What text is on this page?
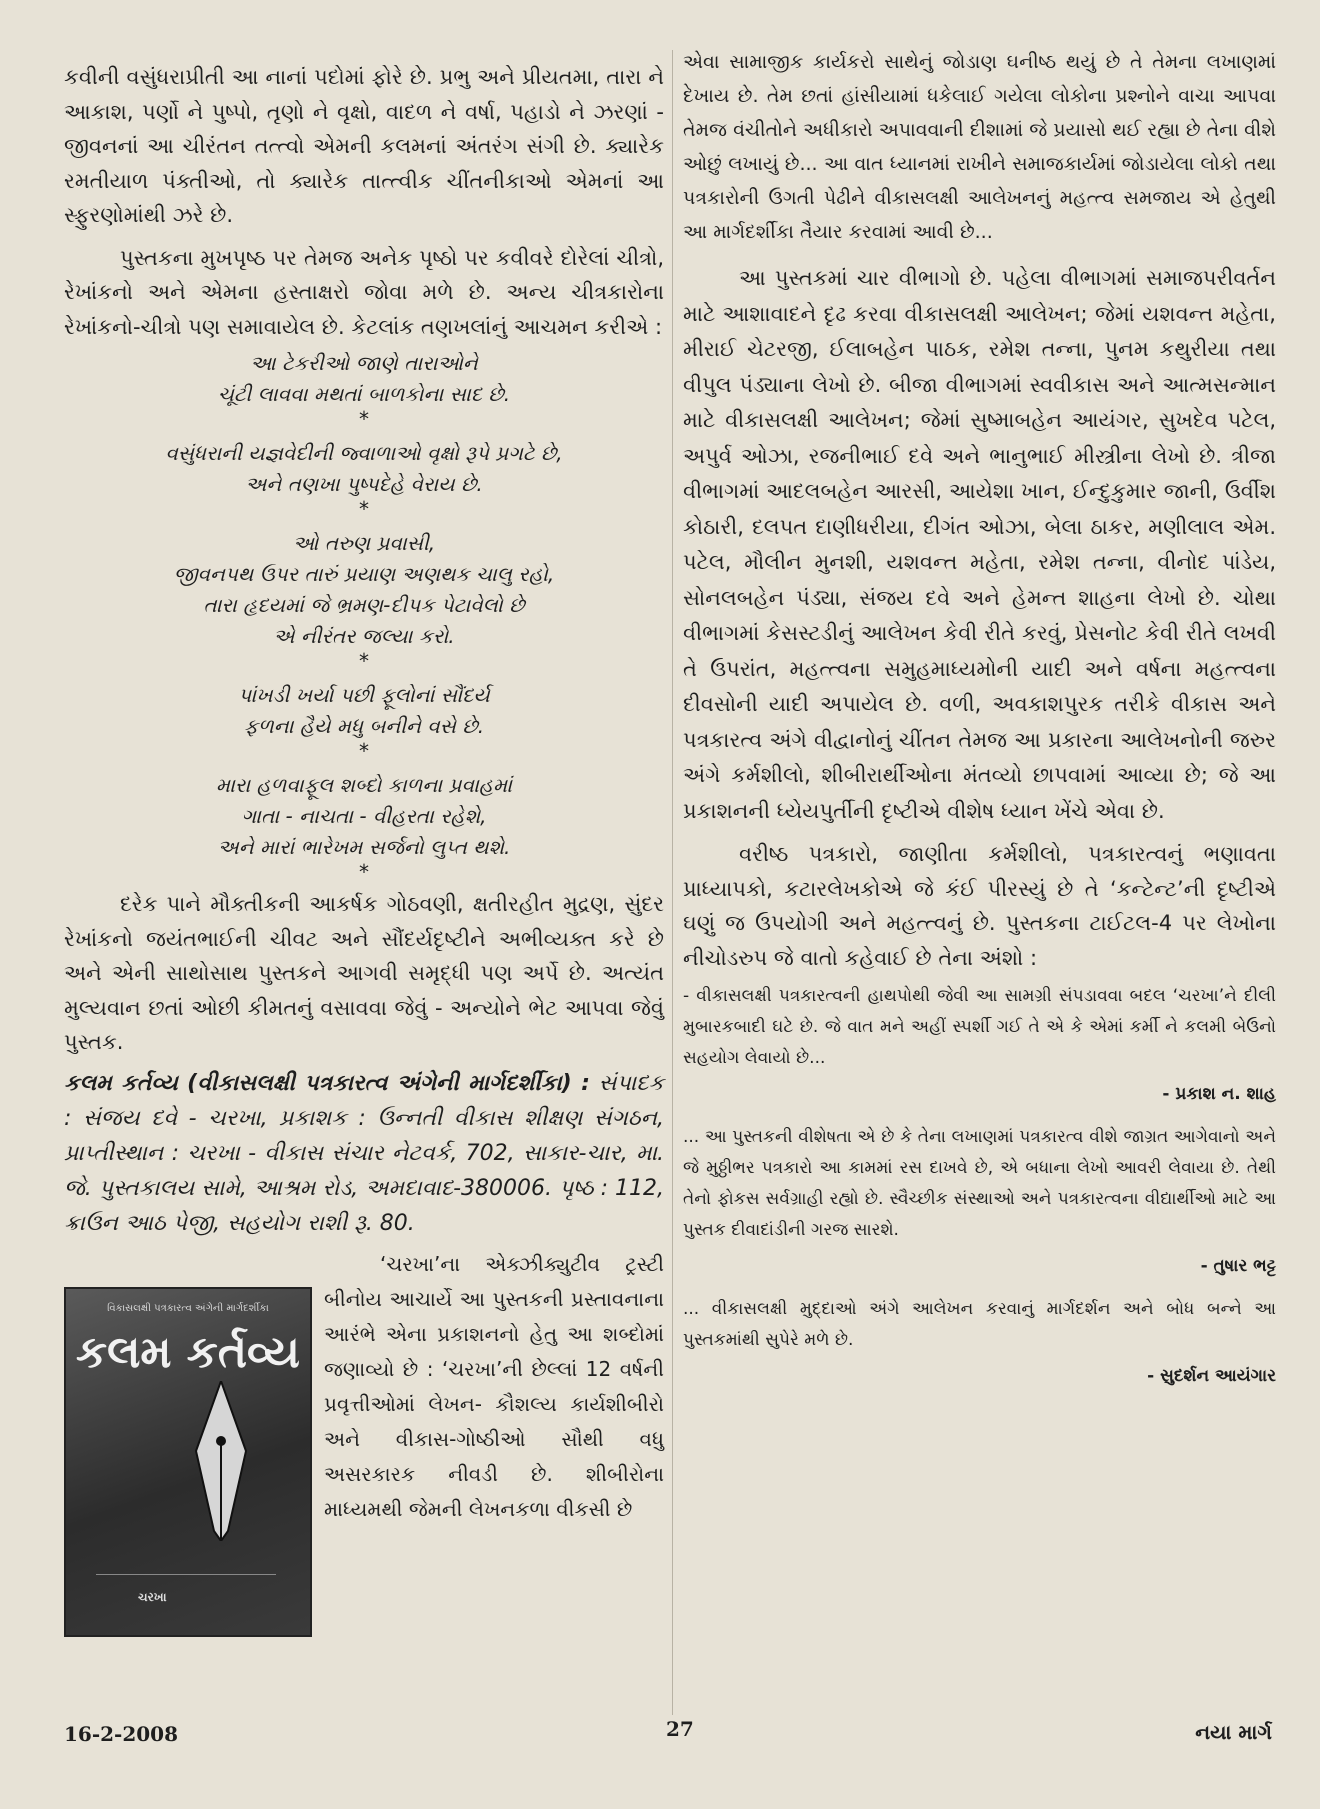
કવીની વસુંધરાપ્રીતી આ નાનાં પદોમાં ફોરે છે. પ્રભુ અને પ્રીયતમા, તારા ને આકાશ, પર્ણો ને પુષ્પો, તૃણો ને વૃક્ષો, વાદળ ને વર્ષા, પહાડો ને ઝરણાં - જીવનનાં આ ચીરંતન તત્ત્વો એમની કલમનાં અંતરંગ સંગી છે. ક્યારેક રમતીયાળ પંક્તીઓ, તો ક્યારેક તાત્ત્વીક ચીંતનીકાઓ એમનાં આ સ્ફુરણોમાંથી ઝરે છે.

પુસ્તકના મુખપૃષ્ઠ પર તેમજ અનેક પૃષ્ઠો પર કવીવરે દોરેલાં ચીત્રો, રેખાંકનો અને એમના હસ્તાક્ષરો જોવા મળે છે. અન્ય ચીત્રકારોના રેખાંકનો-ચીત્રો પણ સમાવાયેલ છે. કેટલાંક તણખલાંનું આચમન કરીએ :

આ ટેકરીઓ જાણે તારાઓને

ચૂંટી લાવવા મથતાં બાળકોના સાદ છે.

*

વસુંધરાની યજ્ઞવેદીની જ્વાળાઓ વૃક્ષો રૂપે પ્રગટે છે,

અને તણખા પુષ્પદેહે વેરાય છે.

*

ઓ તરુણ પ્રવાસી,

જીવનપથ ઉપર તારું પ્રયાણ અણથક ચાલુ રહો,

તારા હૃદયમાં જે ભ્રમણ-દીપક પેટાવેલો છે

એ નીરંતર જલ્યા કરો.

*

પાંખડી ખર્યા પછી ફૂલોનાં સૌંદર્ય

ફળના હૈયે મધુ બનીને વસે છે.

*

મારા હળવાફૂલ શબ્દો કાળના પ્રવાહમાં

ગાતા - નાચતા - વીહરતા રહેશે,

અને મારાં ભારેખમ સર્જનો લુપ્ત થશે.

*

દરેક પાને મૌક્તીકની આકર્ષક ગોઠવણી, ક્ષતીરહીત મુદ્રણ, સુંદર રેખાંકનો જયંતભાઈની ચીવટ અને સૌંદર્યદૃષ્ટીને અભીવ્યક્ત કરે છે અને એની સાથોસાથ પુસ્તકને આગવી સમૃદ્ધી પણ અર્પે છે. અત્યંત મુલ્યવાન છતાં ઓછી કીમતનું વસાવવા જેવું - અન્યોને ભેટ આપવા જેવું પુસ્તક.

કલમ કર્તવ્ય (વીકાસલક્ષી પત્રકારત્વ અંગેની માર્ગદર્શીકા) : સંપાદક : સંજય દવે - ચરખા, પ્રકાશક : ઉન્નતી વીકાસ શીક્ષણ સંગઠન, પ્રાપ્તીસ્થાન : ચરખા - વીકાસ સંચાર નેટવર્ક, 702, સાકાર-ચાર, મા. જે. પુસ્તકાલય સામે, આશ્રમ રોડ, અમદાવાદ-380006. પૃષ્ઠ : 112, ક્રાઉન આઠ પેજી, સહયોગ રાશી રૂ. 80.
વિકાસલક્ષી પત્રકારત્વ અંગેની માર્ગદર્શીકા
કલમ કર્તવ્ય
ચરખા

‘ચરખા’ના એક્ઝીક્યુટીવ ટ્રસ્ટી બીનોય આચાર્યે આ પુસ્તકની પ્રસ્તાવનાના આરંભે એના પ્રકાશનનો હેતુ આ શબ્દોમાં જણાવ્યો છે : ‘ચરખા’ની છેલ્લાં 12 વર્ષની પ્રવૃત્તીઓમાં લેખન- કૌશલ્ય કાર્યશીબીરો અને વીકાસ-ગોષ્ઠીઓ સૌથી વધુ અસરકારક નીવડી છે. શીબીરોના માધ્યમથી જેમની લેખનકળા વીકસી છે

એવા સામાજીક કાર્યકરો સાથેનું જોડાણ ઘનીષ્ઠ થયું છે તે તેમના લખાણમાં દેખાય છે. તેમ છતાં હાંસીયામાં ધકેલાઈ ગયેલા લોકોના પ્રશ્નોને વાચા આપવા તેમજ વંચીતોને અધીકારો અપાવવાની દીશામાં જે પ્રયાસો થઈ રહ્યા છે તેના વીશે ઓછું લખાયું છે... આ વાત ધ્યાનમાં રાખીને સમાજકાર્યમાં જોડાયેલા લોકો તથા પત્રકારોની ઉગતી પેઢીને વીકાસલક્ષી આલેખનનું મહત્ત્વ સમજાય એ હેતુથી આ માર્ગદર્શીકા તૈયાર કરવામાં આવી છે...

આ પુસ્તકમાં ચાર વીભાગો છે. પહેલા વીભાગમાં સમાજપરીવર્તન માટે આશાવાદને દૃઢ કરવા વીકાસલક્ષી આલેખન; જેમાં યશવન્ત મહેતા, મીરાઈ ચેટરજી, ઈલાબહેન પાઠક, રમેશ તન્ના, પુનમ કથુરીયા તથા વીપુલ પંડ્યાના લેખો છે. બીજા વીભાગમાં સ્વવીકાસ અને આત્મસન્માન માટે વીકાસલક્ષી આલેખન; જેમાં સુષ્માબહેન આયંગર, સુખદેવ પટેલ, અપુર્વ ઓઝા, રજનીભાઈ દવે અને ભાનુભાઈ મીસ્ત્રીના લેખો છે. ત્રીજા વીભાગમાં આદલબહેન આરસી, આયેશા ખાન, ઈન્દુકુમાર જાની, ઉર્વીશ કોઠારી, દલપત દાણીધરીયા, દીગંત ઓઝા, બેલા ઠાકર, મણીલાલ એમ. પટેલ, મૌલીન મુનશી, યશવન્ત મહેતા, રમેશ તન્ના, વીનોદ પાંડેય, સોનલબહેન પંડ્યા, સંજય દવે અને હેમન્ત શાહના લેખો છે. ચોથા વીભાગમાં કેસસ્ટડીનું આલેખન કેવી રીતે કરવું, પ્રેસનોટ કેવી રીતે લખવી તે ઉપરાંત, મહત્ત્વના સમુહમાધ્યમોની યાદી અને વર્ષના મહત્ત્વના દીવસોની યાદી અપાયેલ છે. વળી, અવકાશપુરક તરીકે વીકાસ અને પત્રકારત્વ અંગે વીદ્વાનોનું ચીંતન તેમજ આ પ્રકારના આલેખનોની જરુર અંગે કર્મશીલો, શીબીરાર્થીઓના મંતવ્યો છાપવામાં આવ્યા છે; જે આ પ્રકાશનની ધ્યેયપુર્તીની દૃષ્ટીએ વીશેષ ધ્યાન ખેંચે એવા છે.

વરીષ્ઠ પત્રકારો, જાણીતા કર્મશીલો, પત્રકારત્વનું ભણાવતા પ્રાધ્યાપકો, કટારલેખકોએ જે કંઈ પીરસ્યું છે તે ‘કન્ટેન્ટ’ની દૃષ્ટીએ ઘણું જ ઉપયોગી અને મહત્ત્વનું છે. પુસ્તકના ટાઈટલ-4 પર લેખોના નીચોડરુપ જે વાતો કહેવાઈ છે તેના અંશો :

- વીકાસલક્ષી પત્રકારત્વની હાથપોથી જેવી આ સામગ્રી સંપડાવવા બદલ ‘ચરખા’ને દીલી મુબારકબાદી ઘટે છે. જે વાત મને અહીં સ્પર્શી ગઈ તે એ કે એમાં કર્મી ને કલમી બેઉનો સહયોગ લેવાયો છે...

- પ્રકાશ ન. શાહ

... આ પુસ્તકની વીશેષતા એ છે કે તેના લખાણમાં પત્રકારત્વ વીશે જાગ્રત આગેવાનો અને જે મુઠ્ઠીભર પત્રકારો આ કામમાં રસ દાખવે છે, એ બધાના લેખો આવરી લેવાયા છે. તેથી તેનો ફોકસ સર્વગ્રાહી રહ્યો છે. સ્વૈચ્છીક સંસ્થાઓ અને પત્રકારત્વના વીદ્યાર્થીઓ માટે આ પુસ્તક દીવાદાંડીની ગરજ સારશે.

- તુષાર ભટ્ટ

... વીકાસલક્ષી મુદ્દાઓ અંગે આલેખન કરવાનું માર્ગદર્શન અને બોધ બન્ને આ પુસ્તકમાંથી સુપેરે મળે છે.

- સુદર્શન આયંગાર
16-2-2008	27	નયા માર્ગ
